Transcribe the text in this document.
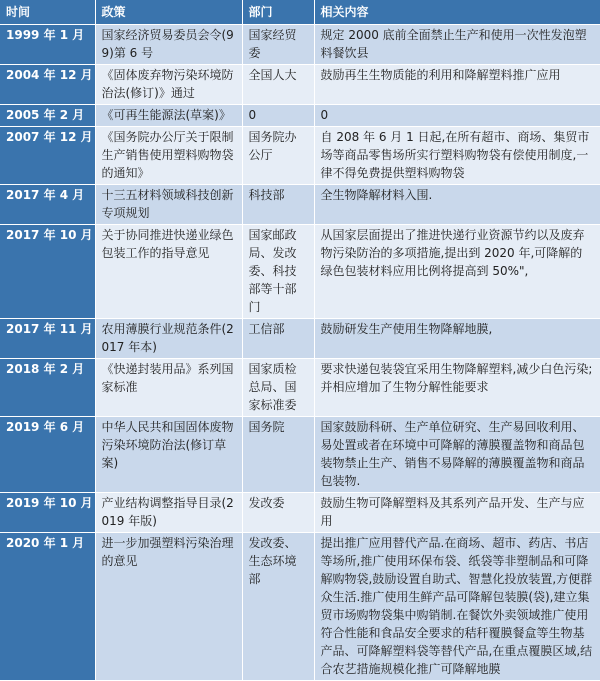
时间	政策	部门	相关内容
1999 年 1 月	国家经济贸易委员会令(99)第 6 号	国家经贸委	规定 2000 底前全面禁止生产和使用一次性发泡塑料餐饮县
2004 年 12 月	《固体废弃物污染环境防治法(修订)》通过	全国人大	鼓励再生生物质能的利用和降解塑料推广应用
2005 年 2 月	《可再生能源法(草案)》	0	0
2007 年 12 月	《国务院办公厅关于限制生产销售使用塑料购物袋的通知》	国务院办公厅	自 208 年 6 月 1 日起,在所有超市、商场、集贸市场等商品零售场所实行塑料购物袋有偿使用制度,一律不得免费提供塑料购物袋
2017 年 4 月	十三五材料领域科技创新专项规划	科技部	全生物降解材料入围.
2017 年 10 月	关于协同推进快递业绿色包装工作的指导意见	国家邮政局、发改委、科技部等十部门	从国家层面提出了推进快递行业资源节约以及废弃物污染防治的多项措施,提出到 2020 年,可降解的绿色包装材料应用比例将提高到 50%",
2017 年 11 月	农用薄膜行业规范条件(2017 年本)	工信部	鼓励研发生产使用生物降解地膜,
2018 年 2 月	《快递封装用品》系列国家标准	国家质检总局、国家标准委	要求快递包装袋宜采用生物降解塑料,减少白色污染;并相应增加了生物分解性能要求
2019 年 6 月	中华人民共和国固体废物污染环境防治法(修订草案)	国务院	国家鼓励科研、生产单位研究、生产易回收利用、易处置或者在环境中可降解的薄膜覆盖物和商品包装物禁止生产、销售不易降解的薄膜覆盖物和商品包装物.
2019 年 10 月	产业结构调整指导目录(2019 年版)	发改委	鼓励生物可降解塑料及其系列产品开发、生产与应用
2020 年 1 月	进一步加强塑料污染治理的意见	发改委、生态环境部	提出推广应用替代产品.在商场、超市、药店、书店等场所,推广使用环保布袋、纸袋等非塑制品和可降解购物袋,鼓励设置自助式、智慧化投放装置,方便群众生活.推广使用生鲜产品可降解包装膜(袋),建立集贸市场购物袋集中购销制.在餐饮外卖领域推广使用符合性能和食品安全要求的秸秆覆膜餐盒等生物基产品、可降解塑料袋等替代产品,在重点覆膜区域,结合农艺措施规模化推广可降解地膜
